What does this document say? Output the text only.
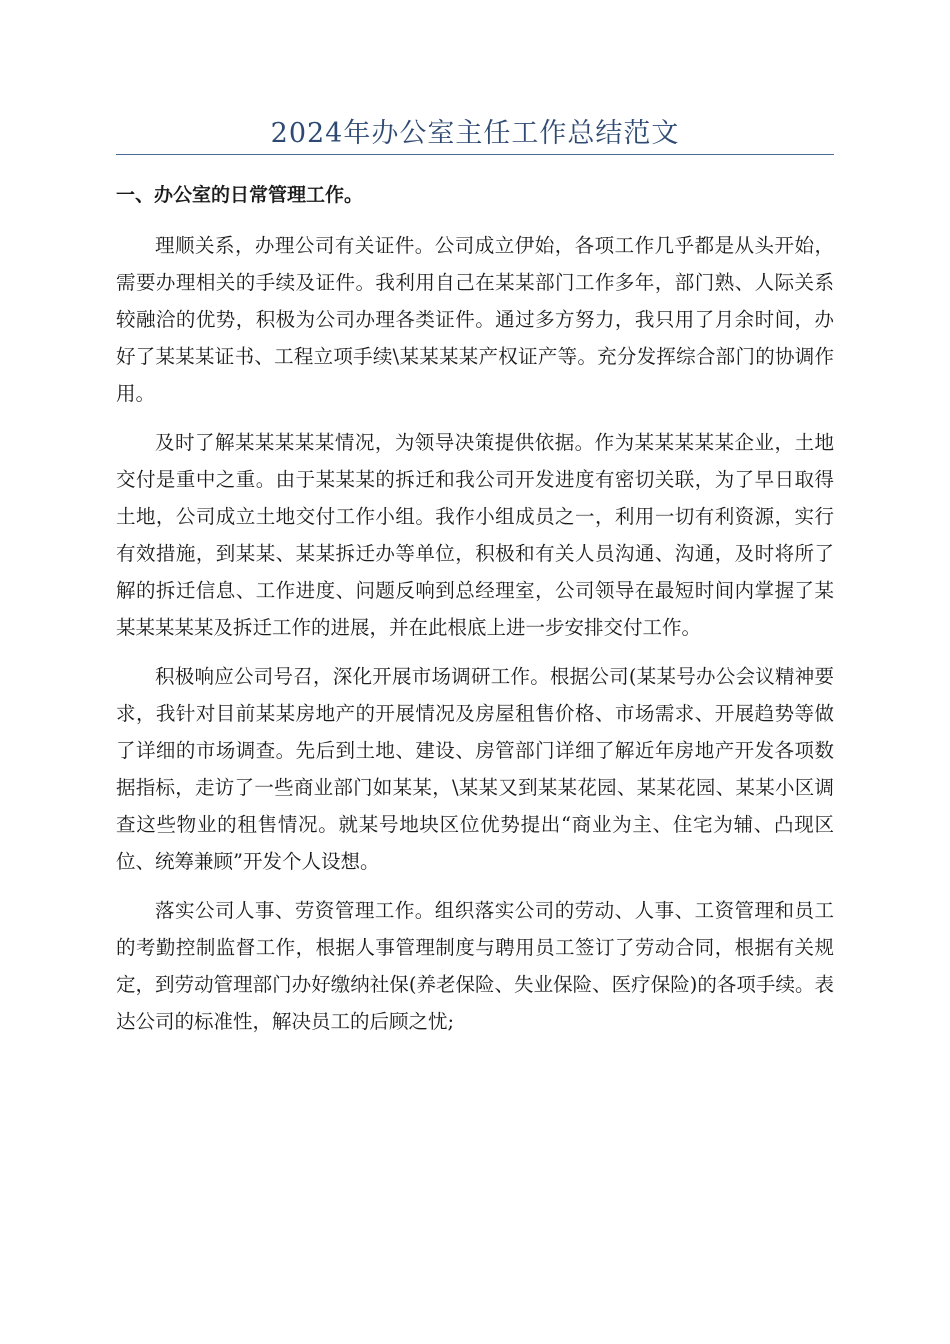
2024年办公室主任工作总结范文
一、办公室的日常管理工作。

理顺关系，办理公司有关证件。公司成立伊始，各项工作几乎都是从头开始，需要办理相关的手续及证件。我利用自己在某某部门工作多年，部门熟、人际关系较融洽的优势，积极为公司办理各类证件。通过多方努力，我只用了月余时间，办好了某某某证书、工程立项手续\某某某某产权证产等。充分发挥综合部门的协调作用。

及时了解某某某某某情况，为领导决策提供依据。作为某某某某某企业，土地交付是重中之重。由于某某某的拆迁和我公司开发进度有密切关联，为了早日取得土地，公司成立土地交付工作小组。我作小组成员之一，利用一切有利资源，实行有效措施，到某某、某某拆迁办等单位，积极和有关人员沟通、沟通，及时将所了解的拆迁信息、工作进度、问题反响到总经理室，公司领导在最短时间内掌握了某某某某某某及拆迁工作的进展，并在此根底上进一步安排交付工作。

积极响应公司号召，深化开展市场调研工作。根据公司(某某号办公会议精神要求，我针对目前某某房地产的开展情况及房屋租售价格、市场需求、开展趋势等做了详细的市场调查。先后到土地、建设、房管部门详细了解近年房地产开发各项数据指标，走访了一些商业部门如某某，\某某又到某某花园、某某花园、某某小区调查这些物业的租售情况。就某号地块区位优势提出“商业为主、住宅为辅、凸现区位、统筹兼顾”开发个人设想。

落实公司人事、劳资管理工作。组织落实公司的劳动、人事、工资管理和员工的考勤控制监督工作，根据人事管理制度与聘用员工签订了劳动合同，根据有关规定，到劳动管理部门办好缴纳社保(养老保险、失业保险、医疗保险)的各项手续。表达公司的标准性，解决员工的后顾之忧;
